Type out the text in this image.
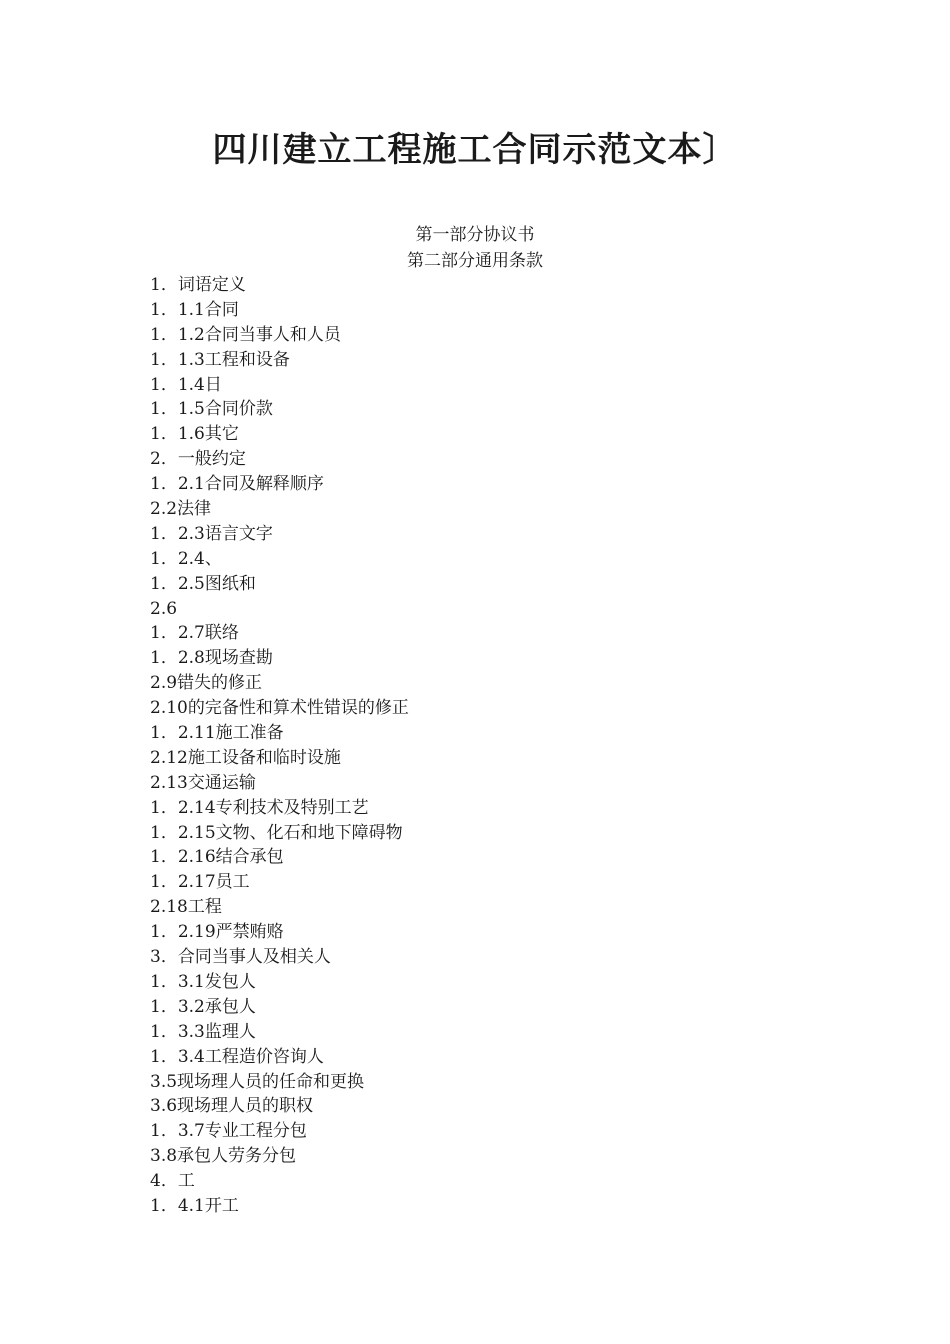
四川建立工程施工合同示范文本〕
第一部分协议书
第二部分通用条款
1．词语定义
1．1.1合同
1．1.2合同当事人和人员
1．1.3工程和设备
1．1.4日
1．1.5合同价款
1．1.6其它
2．一般约定
1．2.1合同及解释顺序
2.2法律
1．2.3语言文字
1．2.4、
1．2.5图纸和
2.6
1．2.7联络
1．2.8现场查勘
2.9错失的修正
2.10的完备性和算术性错误的修正
1．2.11施工准备
2.12施工设备和临时设施
2.13交通运输
1．2.14专利技术及特别工艺
1．2.15文物、化石和地下障碍物
1．2.16结合承包
1．2.17员工
2.18工程
1．2.19严禁贿赂
3．合同当事人及相关人
1．3.1发包人
1．3.2承包人
1．3.3监理人
1．3.4工程造价咨询人
3.5现场理人员的任命和更换
3.6现场理人员的职权
1．3.7专业工程分包
3.8承包人劳务分包
4．工
1．4.1开工
